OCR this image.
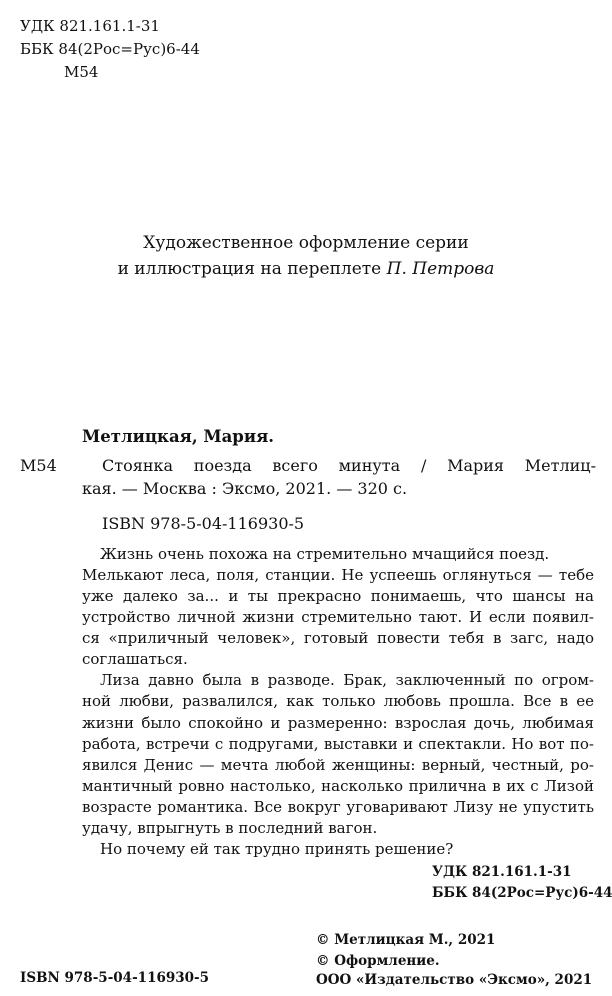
УДК 821.161.1-31
ББК 84(2Рос=Рус)6-44
М54
Художественное оформление серии
и иллюстрация на переплете П. Петрова
Метлицкая, Мария.
М54	Стоянка поезда всего минута / Мария Метлиц-
кая. — Москва : Эксмо, 2021. — 320 с.
ISBN 978-5-04-116930-5
Жизнь очень похожа на стремительно мчащийся поезд.
Мелькают леса, поля, станции. Не успеешь оглянуться — тебе
уже далеко за... и ты прекрасно понимаешь, что шансы на
устройство личной жизни стремительно тают. И если появил-
ся «приличный человек», готовый повести тебя в загс, надо
соглашаться.
Лиза давно была в разводе. Брак, заключенный по огром-
ной любви, развалился, как только любовь прошла. Все в ее
жизни было спокойно и размеренно: взрослая дочь, любимая
работа, встречи с подругами, выставки и спектакли. Но вот по-
явился Денис — мечта любой женщины: верный, честный, ро-
мантичный ровно настолько, насколько прилична в их с Лизой
возрасте романтика. Все вокруг уговаривают Лизу не упустить
удачу, впрыгнуть в последний вагон.
Но почему ей так трудно принять решение?
УДК 821.161.1-31
ББК 84(2Рос=Рус)6-44
© Метлицкая М., 2021
© Оформление.
ISBN 978-5-04-116930-5	ООО «Издательство «Эксмо», 2021
